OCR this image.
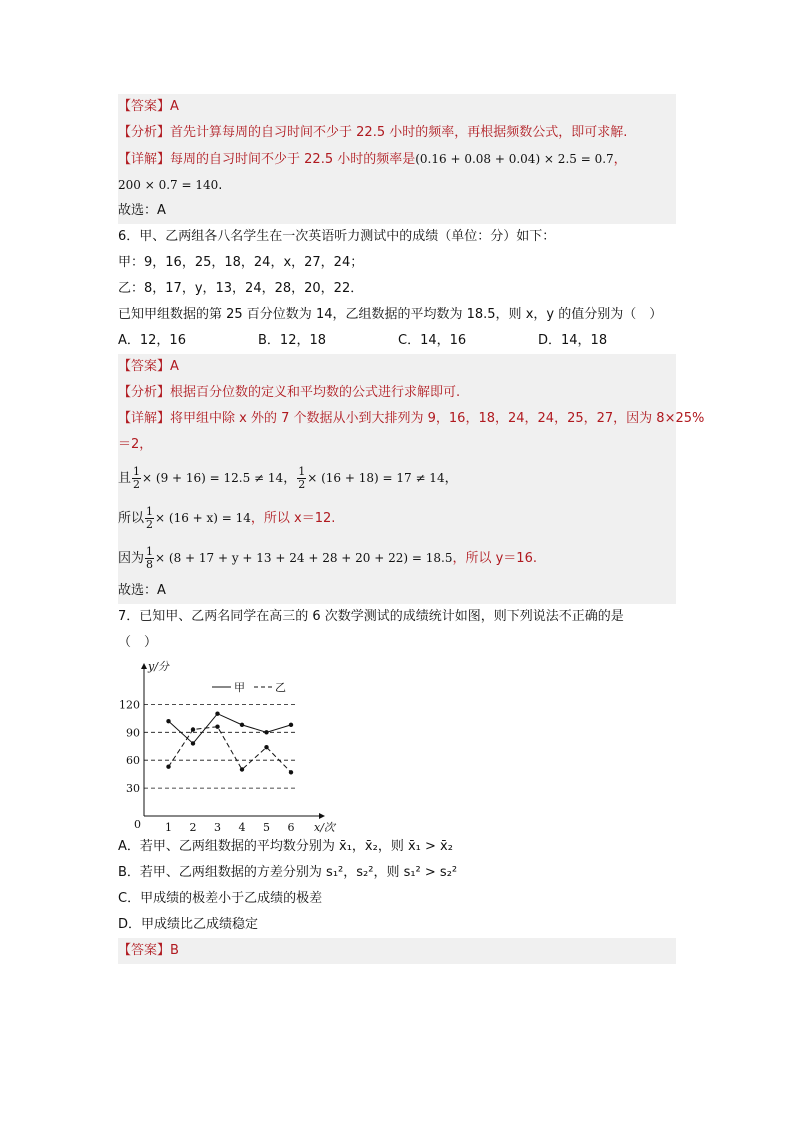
【答案】A
【分析】首先计算每周的自习时间不少于 22.5 小时的频率，再根据频数公式，即可求解.
【详解】每周的自习时间不少于 22.5 小时的频率是(0.16 + 0.08 + 0.04) × 2.5 = 0.7，
200 × 0.7 = 140.
故选：A
6．甲、乙两组各八名学生在一次英语听力测试中的成绩（单位：分）如下：
甲：9，16，25，18，24，x，27，24；
乙：8，17，y，13，24，28，20，22．
已知甲组数据的第 25 百分位数为 14，乙组数据的平均数为 18.5，则 x，y 的值分别为（　）
A．12，16	B．12，18	C．14，16	D．14，18
【答案】A
【分析】根据百分位数的定义和平均数的公式进行求解即可.
【详解】将甲组中除 x 外的 7 个数据从小到大排列为 9，16，18，24，24，25，27，因为 8×25%
＝2，
且 $\frac{1}{2} \times (9 + 16) = 12.5 \ne 14$， $\frac{1}{2} \times (16 + 18) = 17 \ne 14$，
所以 $\frac{1}{2} \times (16 + x) = 14$，所以 x＝12.
因为 $\frac{1}{8} \times (8 + 17 + y + 13 + 24 + 28 + 20 + 22) = 18.5$，所以 y＝16.
故选：A
7．已知甲、乙两名同学在高三的 6 次数学测试的成绩统计如图，则下列说法不正确的是
（　）
30
60
90
120
1 2 3 4 5 6
y/分
x/次
0
甲	乙
A．若甲、乙两组数据的平均数分别为 x̄₁，x̄₂，则 x̄₁ > x̄₂
B．若甲、乙两组数据的方差分别为 s₁²，s₂²，则 s₁² > s₂²
C．甲成绩的极差小于乙成绩的极差
D．甲成绩比乙成绩稳定
【答案】B
